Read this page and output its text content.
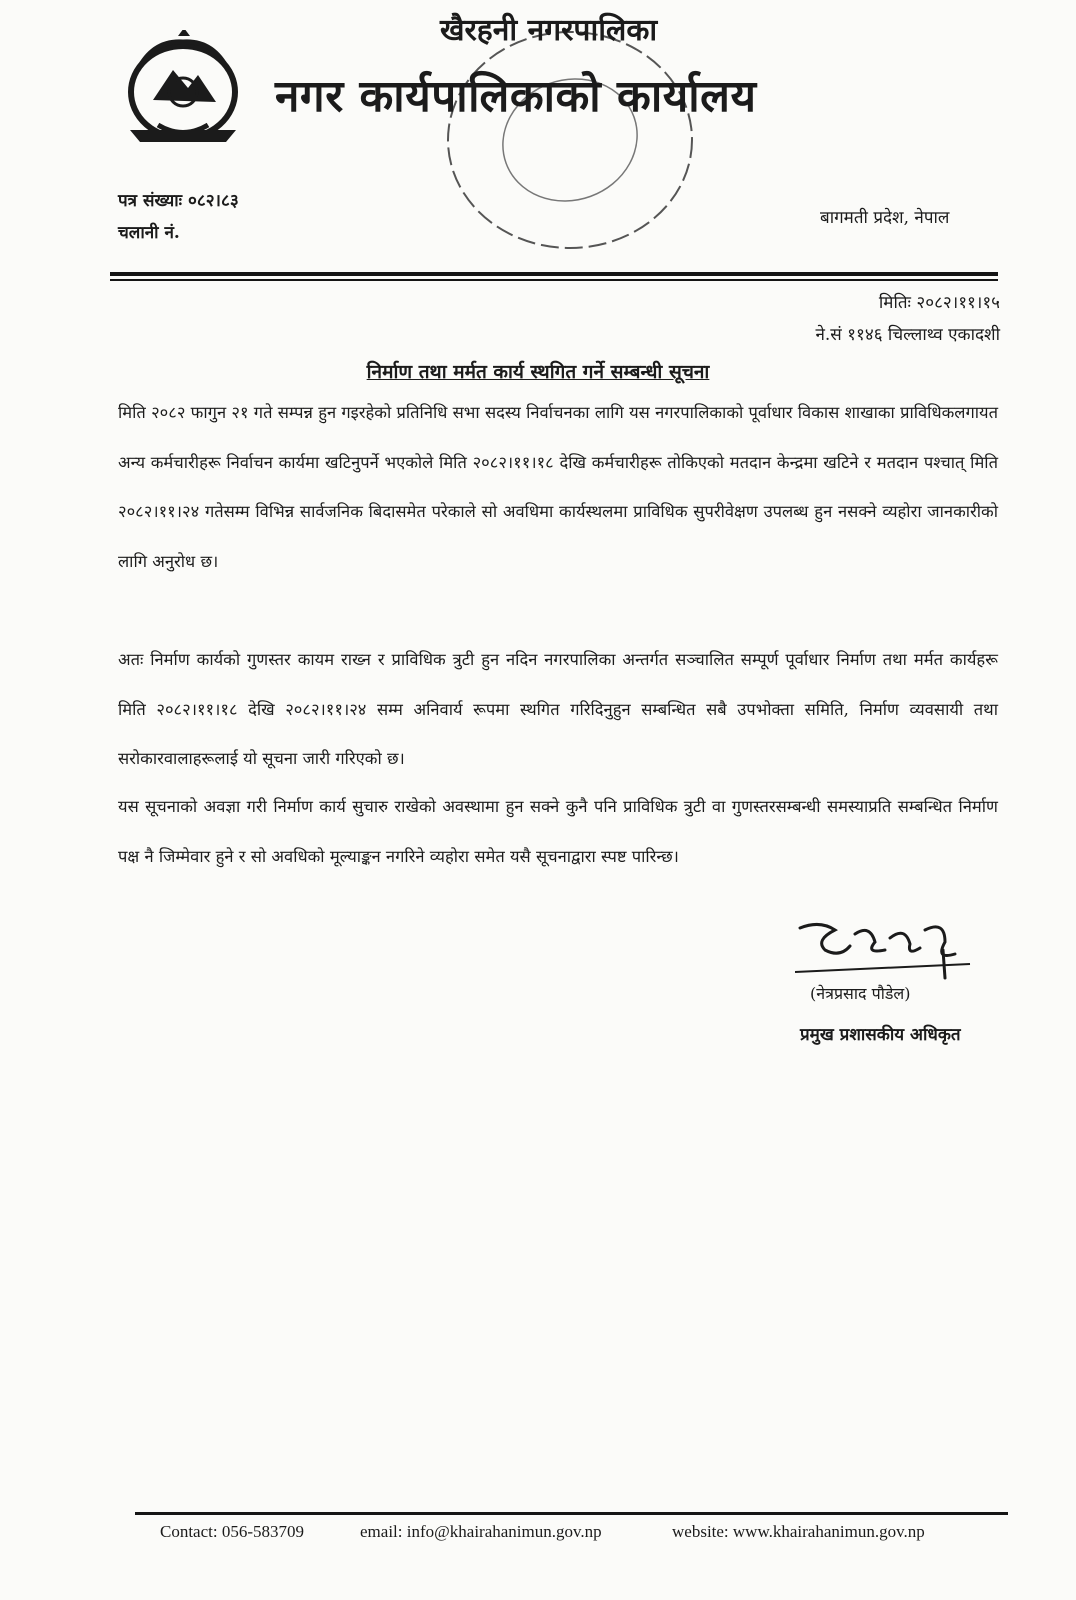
खैरहनी नगरपालिका
नगर कार्यपालिकाको कार्यालय
पत्र संख्याः ०८२।८३
चलानी नं.
बागमती प्रदेश, नेपाल
मितिः २०८२।११।१५
ने.सं ११४६ चिल्लाथ्व एकादशी
निर्माण तथा मर्मत कार्य स्थगित गर्ने सम्बन्धी सूचना
मिति २०८२ फागुन २१ गते सम्पन्न हुन गइरहेको प्रतिनिधि सभा सदस्य निर्वाचनका लागि यस नगरपालिकाको पूर्वाधार विकास शाखाका प्राविधिकलगायत अन्य कर्मचारीहरू निर्वाचन कार्यमा खटिनुपर्ने भएकोले मिति २०८२।११।१८ देखि कर्मचारीहरू तोकिएको मतदान केन्द्रमा खटिने र मतदान पश्चात् मिति २०८२।११।२४ गतेसम्म विभिन्न सार्वजनिक बिदासमेत परेकाले सो अवधिमा कार्यस्थलमा प्राविधिक सुपरीवेक्षण उपलब्ध हुन नसक्ने व्यहोरा जानकारीको लागि अनुरोध छ।
अतः निर्माण कार्यको गुणस्तर कायम राख्न र प्राविधिक त्रुटी हुन नदिन नगरपालिका अन्तर्गत सञ्चालित सम्पूर्ण पूर्वाधार निर्माण तथा मर्मत कार्यहरू मिति २०८२।११।१८ देखि २०८२।११।२४ सम्म अनिवार्य रूपमा स्थगित गरिदिनुहुन सम्बन्धित सबै उपभोक्ता समिति, निर्माण व्यवसायी तथा सरोकारवालाहरूलाई यो सूचना जारी गरिएको छ।
यस सूचनाको अवज्ञा गरी निर्माण कार्य सुचारु राखेको अवस्थामा हुन सक्ने कुनै पनि प्राविधिक त्रुटी वा गुणस्तरसम्बन्धी समस्याप्रति सम्बन्धित निर्माण पक्ष नै जिम्मेवार हुने र सो अवधिको मूल्याङ्कन नगरिने व्यहोरा समेत यसै सूचनाद्वारा स्पष्ट पारिन्छ।
(नेत्रप्रसाद पौडेल)
प्रमुख प्रशासकीय अधिकृत
Contact: 056-583709	email: info@khairahanimun.gov.np	website: www.khairahanimun.gov.np
